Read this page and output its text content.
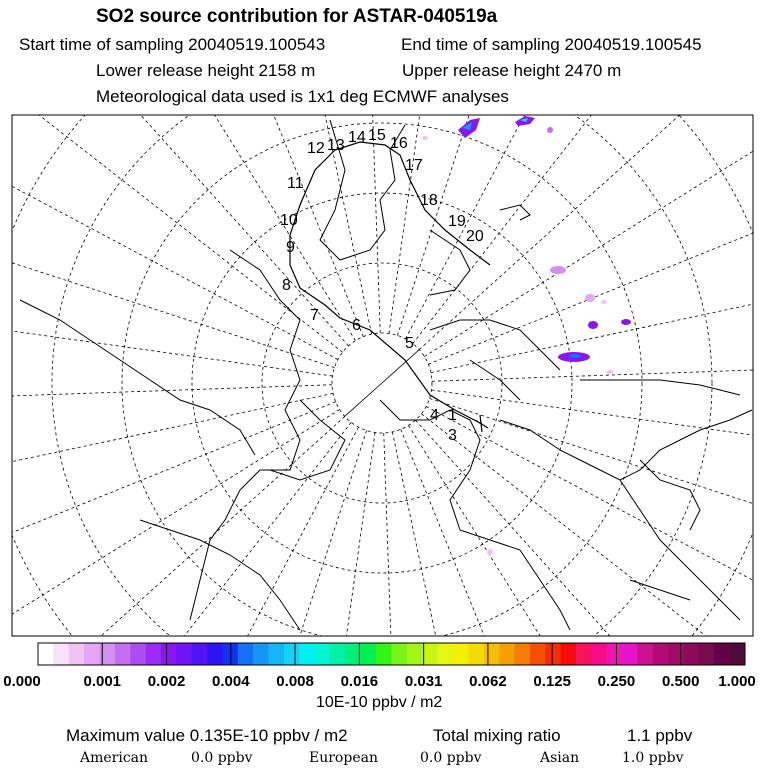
SO2 source contribution for ASTAR-040519a
Start time of sampling 20040519.100543	End time of sampling 20040519.100545
Lower release height 2158 m	Upper release height 2470 m
Meteorological data used is 1x1 deg ECMWF analyses
1
3
4
5
6
7
8
9
10
11
12 13 14 15 16
17
18
19
20
0.000	0.001 0.002 0.004 0.008 0.016 0.031 0.062 0.125 0.250 0.500 1.000
10E-10 ppbv / m2
Maximum value 0.135E-10 ppbv / m2	Total mixing ratio	1.1 ppbv
American	0.0 ppbv	European	0.0 ppbv	Asian	1.0 ppbv
